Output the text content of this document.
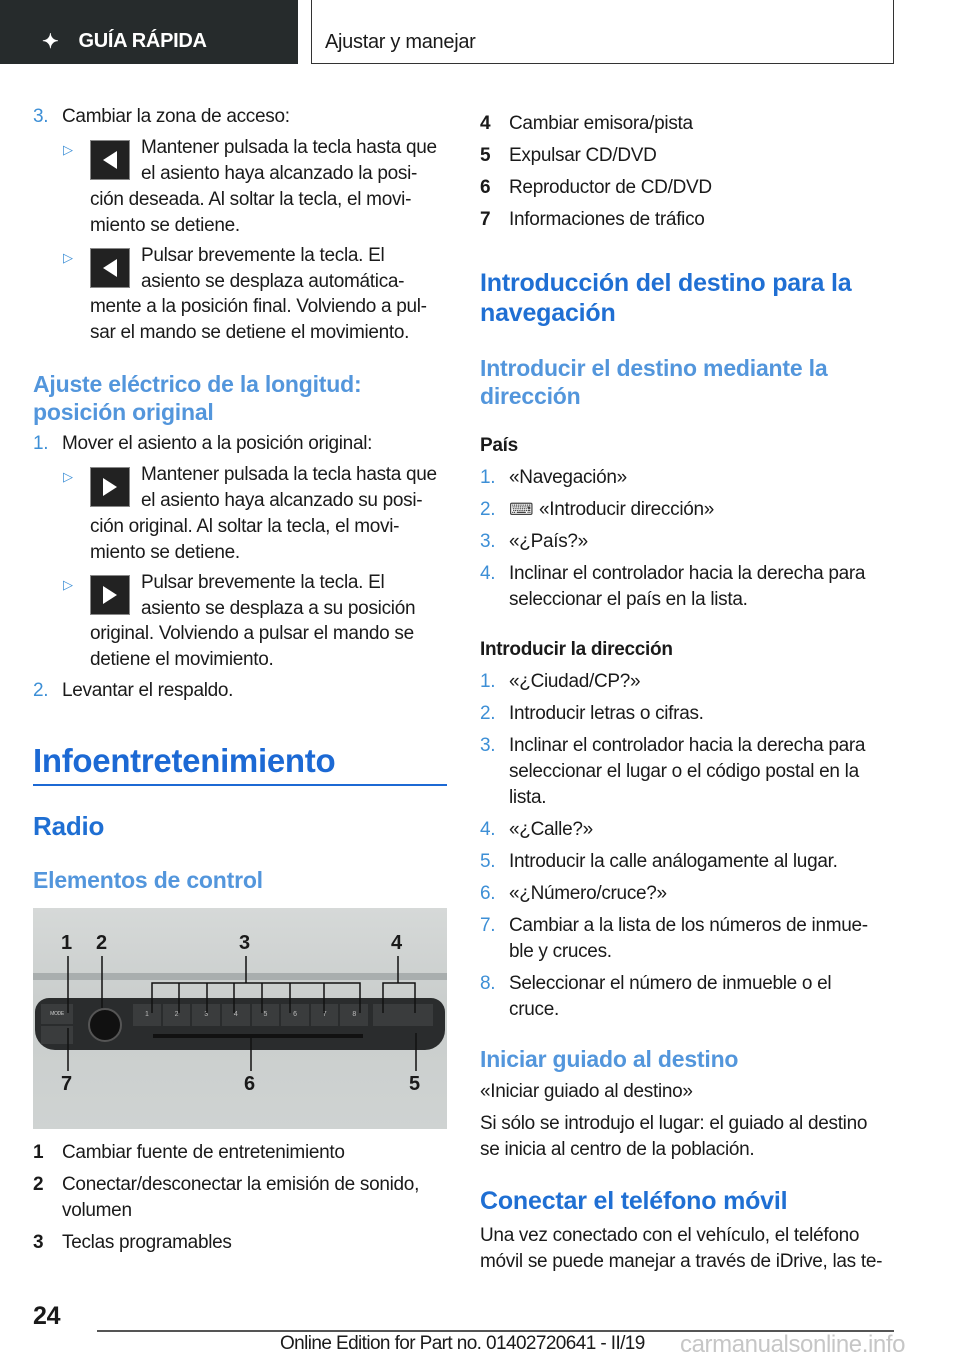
✦ GUÍA RÁPIDA	Ajustar y manejar
3. Cambiar la zona de acceso:
▷	Mantener pulsada la tecla hasta que
el asiento haya alcanzado la posi-
ción deseada. Al soltar la tecla, el movi-
miento se detiene.
▷	Pulsar brevemente la tecla. El
asiento se desplaza automática-
mente a la posición final. Volviendo a pul-
sar el mando se detiene el movimiento.
Ajuste eléctrico de la longitud:
posición original
1. Mover el asiento a la posición original:
▷	Mantener pulsada la tecla hasta que
el asiento haya alcanzado su posi-
ción original. Al soltar la tecla, el movi-
miento se detiene.
▷	Pulsar brevemente la tecla. El
asiento se desplaza a su posición
original. Volviendo a pulsar el mando se
detiene el movimiento.
2. Levantar el respaldo.
Infoentretenimiento
Radio
Elementos de control
MODE	1	2	3	4	5	6	7	8
1 2	3	4
7	6	5
1 Cambiar fuente de entretenimiento
2 Conectar/desconectar la emisión de sonido,
volumen
3 Teclas programables
4 Cambiar emisora/pista
5 Expulsar CD/DVD
6 Reproductor de CD/DVD
7 Informaciones de tráfico
Introducción del destino para la
navegación
Introducir el destino mediante la
dirección
País
1. «Navegación»
2. ⌨ «Introducir dirección»
3. «¿País?»
4. Inclinar el controlador hacia la derecha para
seleccionar el país en la lista.
Introducir la dirección
1. «¿Ciudad/CP?»
2. Introducir letras o cifras.
3. Inclinar el controlador hacia la derecha para
seleccionar el lugar o el código postal en la
lista.
4. «¿Calle?»
5. Introducir la calle análogamente al lugar.
6. «¿Número/cruce?»
7. Cambiar a la lista de los números de inmue-
ble y cruces.
8. Seleccionar el número de inmueble o el
cruce.
Iniciar guiado al destino
«Iniciar guiado al destino»
Si sólo se introdujo el lugar: el guiado al destino
se inicia al centro de la población.
Conectar el teléfono móvil
Una vez conectado con el vehículo, el teléfono
móvil se puede manejar a través de iDrive, las te-
24
Online Edition for Part no. 01402720641 - II/19 carmanualsonline.info
